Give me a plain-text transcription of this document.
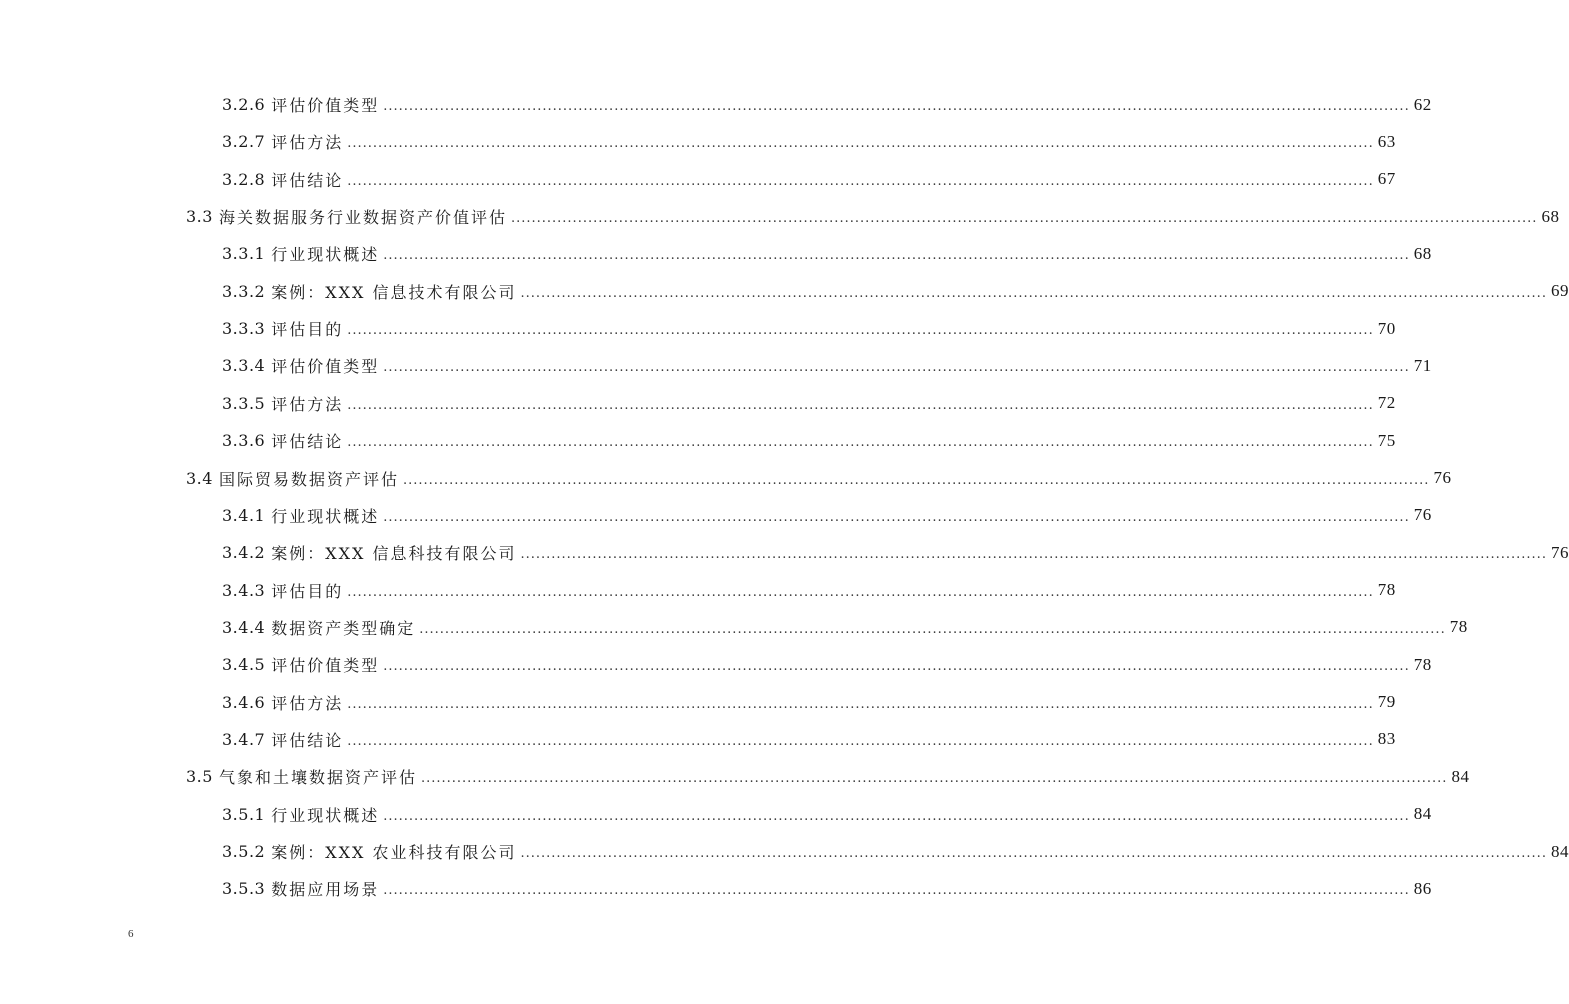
3.2.6 评估价值类型 ........................................................................................................................................................................................................ 62
3.2.7 评估方法 ........................................................................................................................................................................................................ 63
3.2.8 评估结论 ........................................................................................................................................................................................................ 67
3.3 海关数据服务行业数据资产价值评估 ........................................................................................................................................................................................................ 68
3.3.1 行业现状概述 ........................................................................................................................................................................................................ 68
3.3.2 案例：XXX 信息技术有限公司 ........................................................................................................................................................................................................ 69
3.3.3 评估目的 ........................................................................................................................................................................................................ 70
3.3.4 评估价值类型 ........................................................................................................................................................................................................ 71
3.3.5 评估方法 ........................................................................................................................................................................................................ 72
3.3.6 评估结论 ........................................................................................................................................................................................................ 75
3.4 国际贸易数据资产评估 ........................................................................................................................................................................................................ 76
3.4.1 行业现状概述 ........................................................................................................................................................................................................ 76
3.4.2 案例：XXX 信息科技有限公司 ........................................................................................................................................................................................................ 76
3.4.3 评估目的 ........................................................................................................................................................................................................ 78
3.4.4 数据资产类型确定 ........................................................................................................................................................................................................ 78
3.4.5 评估价值类型 ........................................................................................................................................................................................................ 78
3.4.6 评估方法 ........................................................................................................................................................................................................ 79
3.4.7 评估结论 ........................................................................................................................................................................................................ 83
3.5 气象和土壤数据资产评估 ........................................................................................................................................................................................................ 84
3.5.1 行业现状概述 ........................................................................................................................................................................................................ 84
3.5.2 案例：XXX 农业科技有限公司 ........................................................................................................................................................................................................ 84
3.5.3 数据应用场景 ........................................................................................................................................................................................................ 86
6
